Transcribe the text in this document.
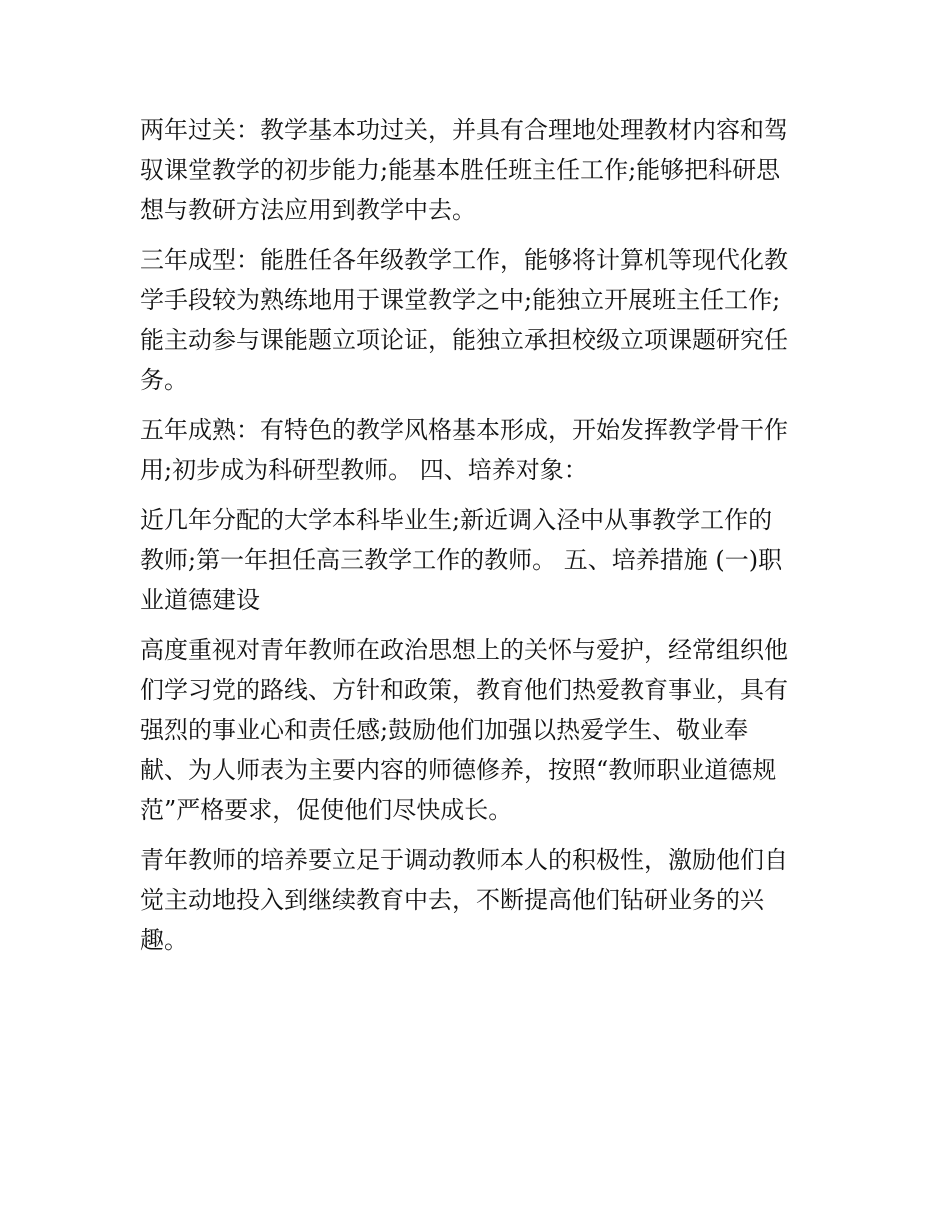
两年过关：教学基本功过关，并具有合理地处理教材内容和驾
驭课堂教学的初步能力;能基本胜任班主任工作;能够把科研思
想与教研方法应用到教学中去。

三年成型：能胜任各年级教学工作，能够将计算机等现代化教
学手段较为熟练地用于课堂教学之中;能独立开展班主任工作;
能主动参与课能题立项论证，能独立承担校级立项课题研究任
务。

五年成熟：有特色的教学风格基本形成，开始发挥教学骨干作
用;初步成为科研型教师。 四、培养对象：

近几年分配的大学本科毕业生;新近调入泾中从事教学工作的
教师;第一年担任高三教学工作的教师。 五、培养措施 (一)职
业道德建设

高度重视对青年教师在政治思想上的关怀与爱护，经常组织他
们学习党的路线、方针和政策，教育他们热爱教育事业，具有
强烈的事业心和责任感;鼓励他们加强以热爱学生、敬业奉
献、为人师表为主要内容的师德修养，按照“教师职业道德规
范”严格要求，促使他们尽快成长。

青年教师的培养要立足于调动教师本人的积极性，激励他们自
觉主动地投入到继续教育中去，不断提高他们钻研业务的兴
趣。
